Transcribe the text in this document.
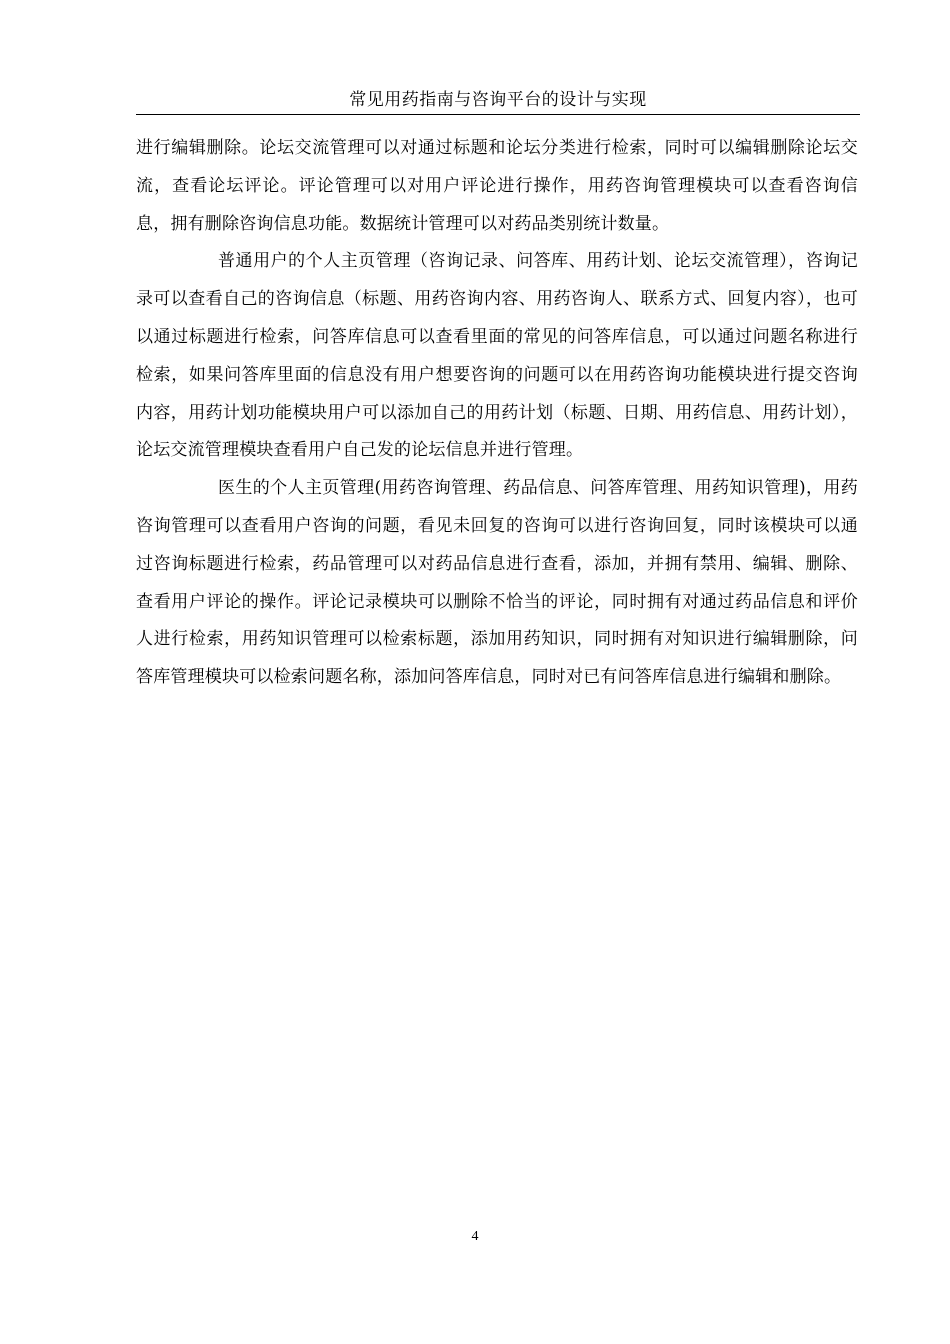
常见用药指南与咨询平台的设计与实现

进行编辑删除。论坛交流管理可以对通过标题和论坛分类进行检索，同时可以编辑删除论坛交流，查看论坛评论。评论管理可以对用户评论进行操作，用药咨询管理模块可以查看咨询信息，拥有删除咨询信息功能。数据统计管理可以对药品类别统计数量。

普通用户的个人主页管理（咨询记录、问答库、用药计划、论坛交流管理），咨询记录可以查看自己的咨询信息（标题、用药咨询内容、用药咨询人、联系方式、回复内容），也可以通过标题进行检索，问答库信息可以查看里面的常见的问答库信息，可以通过问题名称进行检索，如果问答库里面的信息没有用户想要咨询的问题可以在用药咨询功能模块进行提交咨询内容，用药计划功能模块用户可以添加自己的用药计划（标题、日期、用药信息、用药计划），论坛交流管理模块查看用户自己发的论坛信息并进行管理。

医生的个人主页管理(用药咨询管理、药品信息、问答库管理、用药知识管理)，用药咨询管理可以查看用户咨询的问题，看见未回复的咨询可以进行咨询回复，同时该模块可以通过咨询标题进行检索，药品管理可以对药品信息进行查看，添加，并拥有禁用、编辑、删除、查看用户评论的操作。评论记录模块可以删除不恰当的评论，同时拥有对通过药品信息和评价人进行检索，用药知识管理可以检索标题，添加用药知识，同时拥有对知识进行编辑删除，问答库管理模块可以检索问题名称，添加问答库信息，同时对已有问答库信息进行编辑和删除。

4
